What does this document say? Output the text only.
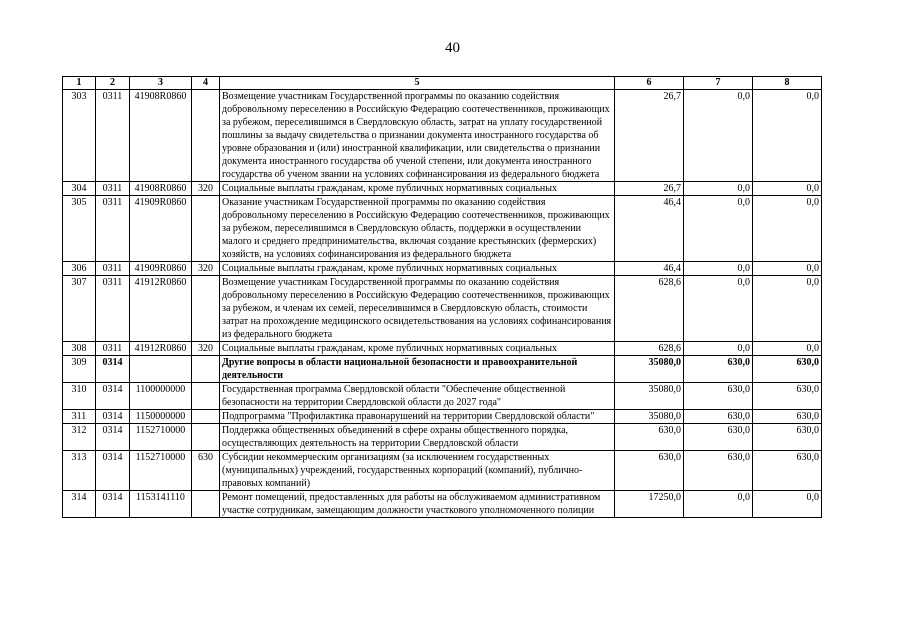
40
1	2	3	4	5	6	7	8
303	0311	41908R0860		Возмещение участникам Государственной программы по оказанию содействия добровольному переселению в Российскую Федерацию соотечественников, проживающих за рубежом, переселившимся в Свердловскую область, затрат на уплату государственной пошлины за выдачу свидетельства о признании документа иностранного государства об уровне образования и (или) иностранной квалификации, или свидетельства о признании документа иностранного государства об ученой степени, или документа иностранного государства об ученом звании на условиях софинансирования из федерального бюджета	26,7	0,0	0,0
304	0311	41908R0860	320	Социальные выплаты гражданам, кроме публичных нормативных социальных	26,7	0,0	0,0
305	0311	41909R0860		Оказание участникам Государственной программы по оказанию содействия добровольному переселению в Российскую Федерацию соотечественников, проживающих за рубежом, переселившимся в Свердловскую область, поддержки в осуществлении малого и среднего предпринимательства, включая создание крестьянских (фермерских) хозяйств, на условиях софинансирования из федерального бюджета	46,4	0,0	0,0
306	0311	41909R0860	320	Социальные выплаты гражданам, кроме публичных нормативных социальных	46,4	0,0	0,0
307	0311	41912R0860		Возмещение участникам Государственной программы по оказанию содействия добровольному переселению в Российскую Федерацию соотечественников, проживающих за рубежом, и членам их семей, переселившимся в Свердловскую область, стоимости затрат на прохождение медицинского освидетельствования на условиях софинансирования из федерального бюджета	628,6	0,0	0,0
308	0311	41912R0860	320	Социальные выплаты гражданам, кроме публичных нормативных социальных	628,6	0,0	0,0
309	0314			Другие вопросы в области национальной безопасности и правоохранительной деятельности	35080,0	630,0	630,0
310	0314	1100000000		Государственная программа Свердловской области "Обеспечение общественной безопасности на территории Свердловской области до 2027 года"	35080,0	630,0	630,0
311	0314	1150000000		Подпрограмма "Профилактика правонарушений на территории Свердловской области"	35080,0	630,0	630,0
312	0314	1152710000		Поддержка общественных объединений в сфере охраны общественного порядка, осуществляющих деятельность на территории Свердловской области	630,0	630,0	630,0
313	0314	1152710000	630	Субсидии некоммерческим организациям (за исключением государственных (муниципальных) учреждений, государственных корпораций (компаний), публично-правовых компаний)	630,0	630,0	630,0
314	0314	1153141110		Ремонт помещений, предоставленных для работы на обслуживаемом административном участке сотрудникам, замещающим должности участкового уполномоченного полиции	17250,0	0,0	0,0
